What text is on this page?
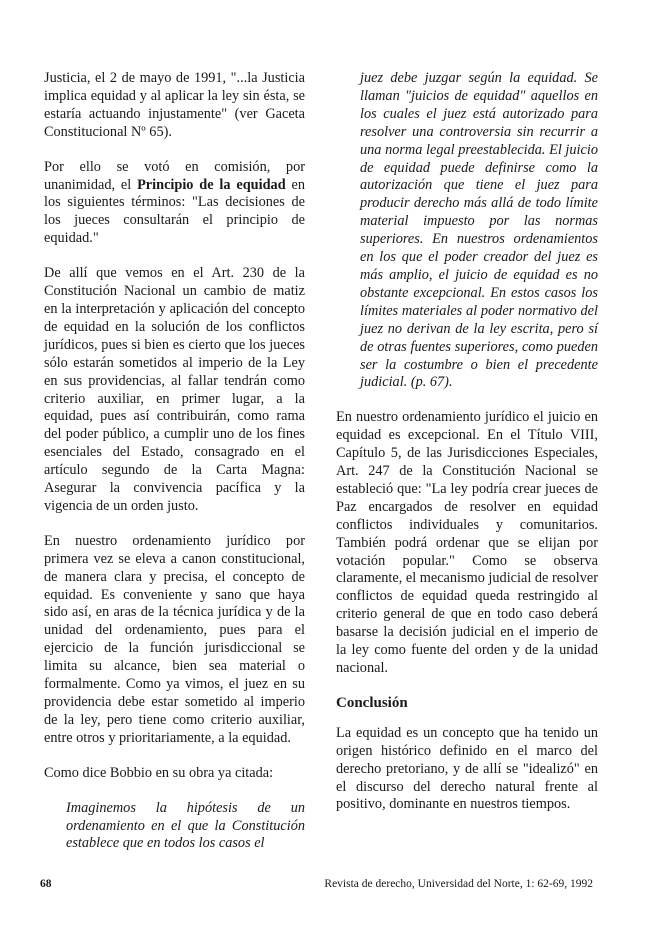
Justicia, el 2 de mayo de 1991, "...la Justicia implica equidad y al aplicar la ley sin ésta, se estaría actuando injustamente" (ver Gaceta Constitucional Nº 65).

Por ello se votó en comisión, por unanimidad, el Principio de la equidad en los siguientes términos: "Las decisiones de los jueces consultarán el principio de equidad."

De allí que vemos en el Art. 230 de la Constitución Nacional un cambio de matiz en la interpretación y aplicación del concepto de equidad en la solución de los conflictos jurídicos, pues si bien es cierto que los jueces sólo estarán sometidos al imperio de la Ley en sus providencias, al fallar tendrán como criterio auxiliar, en primer lugar, a la equidad, pues así contribuirán, como rama del poder público, a cumplir uno de los fines esenciales del Estado, consagrado en el artículo segundo de la Carta Magna: Asegurar la convivencia pacífica y la vigencia de un orden justo.

En nuestro ordenamiento jurídico por primera vez se eleva a canon constitucional, de manera clara y precisa, el concepto de equidad. Es conveniente y sano que haya sido así, en aras de la técnica jurídica y de la unidad del ordenamiento, pues para el ejercicio de la función jurisdiccional se limita su alcance, bien sea material o formalmente. Como ya vimos, el juez en su providencia debe estar sometido al imperio de la ley, pero tiene como criterio auxiliar, entre otros y prioritariamente, a la equidad.

Como dice Bobbio en su obra ya citada:

Imaginemos la hipótesis de un ordenamiento en el que la Constitución establece que en todos los casos el

juez debe juzgar según la equidad. Se llaman "juicios de equidad" aquellos en los cuales el juez está autorizado para resolver una controversia sin recurrir a una norma legal preestablecida. El juicio de equidad puede definirse como la autorización que tiene el juez para producir derecho más allá de todo límite material impuesto por las normas superiores. En nuestros ordenamientos en los que el poder creador del juez es más amplio, el juicio de equidad es no obstante excepcional. En estos casos los límites materiales al poder normativo del juez no derivan de la ley escrita, pero sí de otras fuentes superiores, como pueden ser la costumbre o bien el precedente judicial. (p. 67).

En nuestro ordenamiento jurídico el juicio en equidad es excepcional. En el Título VIII, Capítulo 5, de las Jurisdicciones Especiales, Art. 247 de la Constitución Nacional se estableció que: "La ley podría crear jueces de Paz encargados de resolver en equidad conflictos individuales y comunitarios. También podrá ordenar que se elijan por votación popular." Como se observa claramente, el mecanismo judicial de resolver conflictos de equidad queda restringido al criterio general de que en todo caso deberá basarse la decisión judicial en el imperio de la ley como fuente del orden y de la unidad nacional.

Conclusión

La equidad es un concepto que ha tenido un origen histórico definido en el marco del derecho pretoriano, y de allí se "idealizó" en el discurso del derecho natural frente al positivo, dominante en nuestros tiempos.

68	Revista de derecho, Universidad del Norte, 1: 62-69, 1992
